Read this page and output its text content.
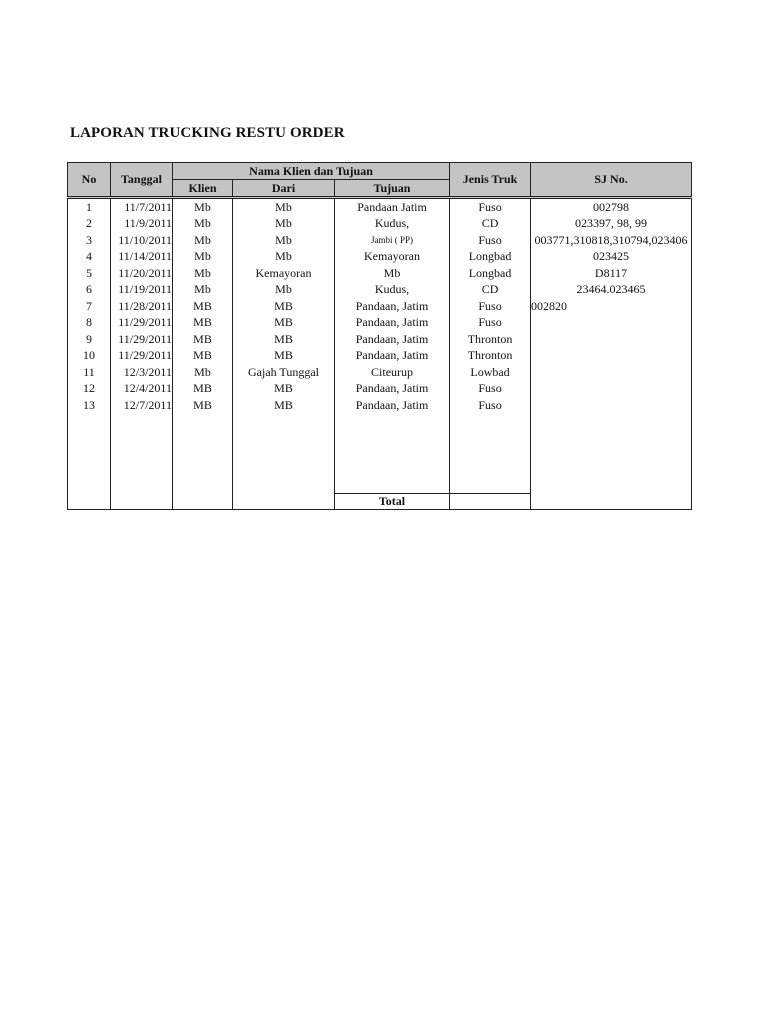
LAPORAN TRUCKING RESTU ORDER
No	Tanggal	Nama Klien dan Tujuan			Jenis Truk	SJ No.
		Klien	Dari	Tujuan		
1	11/7/2011	Mb	Mb	Pandaan Jatim	Fuso	002798
2	11/9/2011	Mb	Mb	Kudus,	CD	023397, 98, 99
3	11/10/2011	Mb	Mb	Jambi ( PP)	Fuso	003771,310818,310794,023406
4	11/14/2011	Mb	Mb	Kemayoran	Longbad	023425
5	11/20/2011	Mb	Kemayoran	Mb	Longbad	D8117
6	11/19/2011	Mb	Mb	Kudus,	CD	23464.023465
7	11/28/2011	MB	MB	Pandaan, Jatim	Fuso	002820
8	11/29/2011	MB	MB	Pandaan, Jatim	Fuso	
9	11/29/2011	MB	MB	Pandaan, Jatim	Thronton	
10	11/29/2011	MB	MB	Pandaan, Jatim	Thronton	
11	12/3/2011	Mb	Gajah Tunggal	Citeurup	Lowbad	
12	12/4/2011	MB	MB	Pandaan, Jatim	Fuso	
13	12/7/2011	MB	MB	Pandaan, Jatim	Fuso	

				Total		
